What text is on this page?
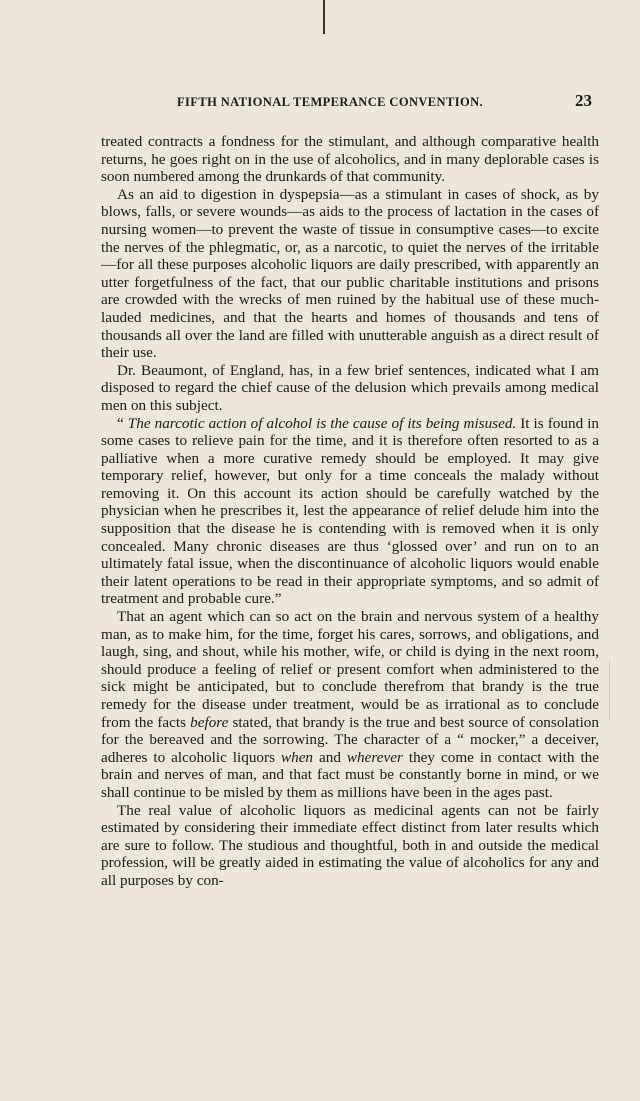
FIFTH NATIONAL TEMPERANCE CONVENTION.	23

treated contracts a fondness for the stimulant, and although comparative health returns, he goes right on in the use of alcoholics, and in many deplorable cases is soon numbered among the drunkards of that community.

As an aid to digestion in dyspepsia—as a stimulant in cases of shock, as by blows, falls, or severe wounds—as aids to the process of lactation in the cases of nursing women—to prevent the waste of tissue in consumptive cases—to excite the nerves of the phlegmatic, or, as a narcotic, to quiet the nerves of the irritable—for all these purposes alcoholic liquors are daily prescribed, with apparently an utter forgetfulness of the fact, that our public charitable institutions and prisons are crowded with the wrecks of men ruined by the habitual use of these much-lauded medicines, and that the hearts and homes of thousands and tens of thousands all over the land are filled with unutterable anguish as a direct result of their use.

Dr. Beaumont, of England, has, in a few brief sentences, indicated what I am disposed to regard the chief cause of the delusion which prevails among medical men on this subject.

“ The narcotic action of alcohol is the cause of its being misused. It is found in some cases to relieve pain for the time, and it is therefore often resorted to as a palliative when a more curative remedy should be employed. It may give temporary relief, however, but only for a time conceals the malady without removing it. On this account its action should be carefully watched by the physician when he prescribes it, lest the appearance of relief delude him into the supposition that the disease he is contending with is removed when it is only concealed. Many chronic diseases are thus ‘glossed over’ and run on to an ultimately fatal issue, when the discontinuance of alcoholic liquors would enable their latent operations to be read in their appropriate symptoms, and so admit of treatment and probable cure.”

That an agent which can so act on the brain and nervous system of a healthy man, as to make him, for the time, forget his cares, sorrows, and obligations, and laugh, sing, and shout, while his mother, wife, or child is dying in the next room, should produce a feeling of relief or present comfort when administered to the sick might be anticipated, but to conclude therefrom that brandy is the true remedy for the disease under treatment, would be as irrational as to conclude from the facts before stated, that brandy is the true and best source of consolation for the bereaved and the sorrowing. The character of a “ mocker,” a deceiver, adheres to alcoholic liquors when and wherever they come in contact with the brain and nerves of man, and that fact must be constantly borne in mind, or we shall continue to be misled by them as millions have been in the ages past.

The real value of alcoholic liquors as medicinal agents can not be fairly estimated by considering their immediate effect distinct from later results which are sure to follow. The studious and thoughtful, both in and outside the medical profession, will be greatly aided in estimating the value of alcoholics for any and all purposes by con-
